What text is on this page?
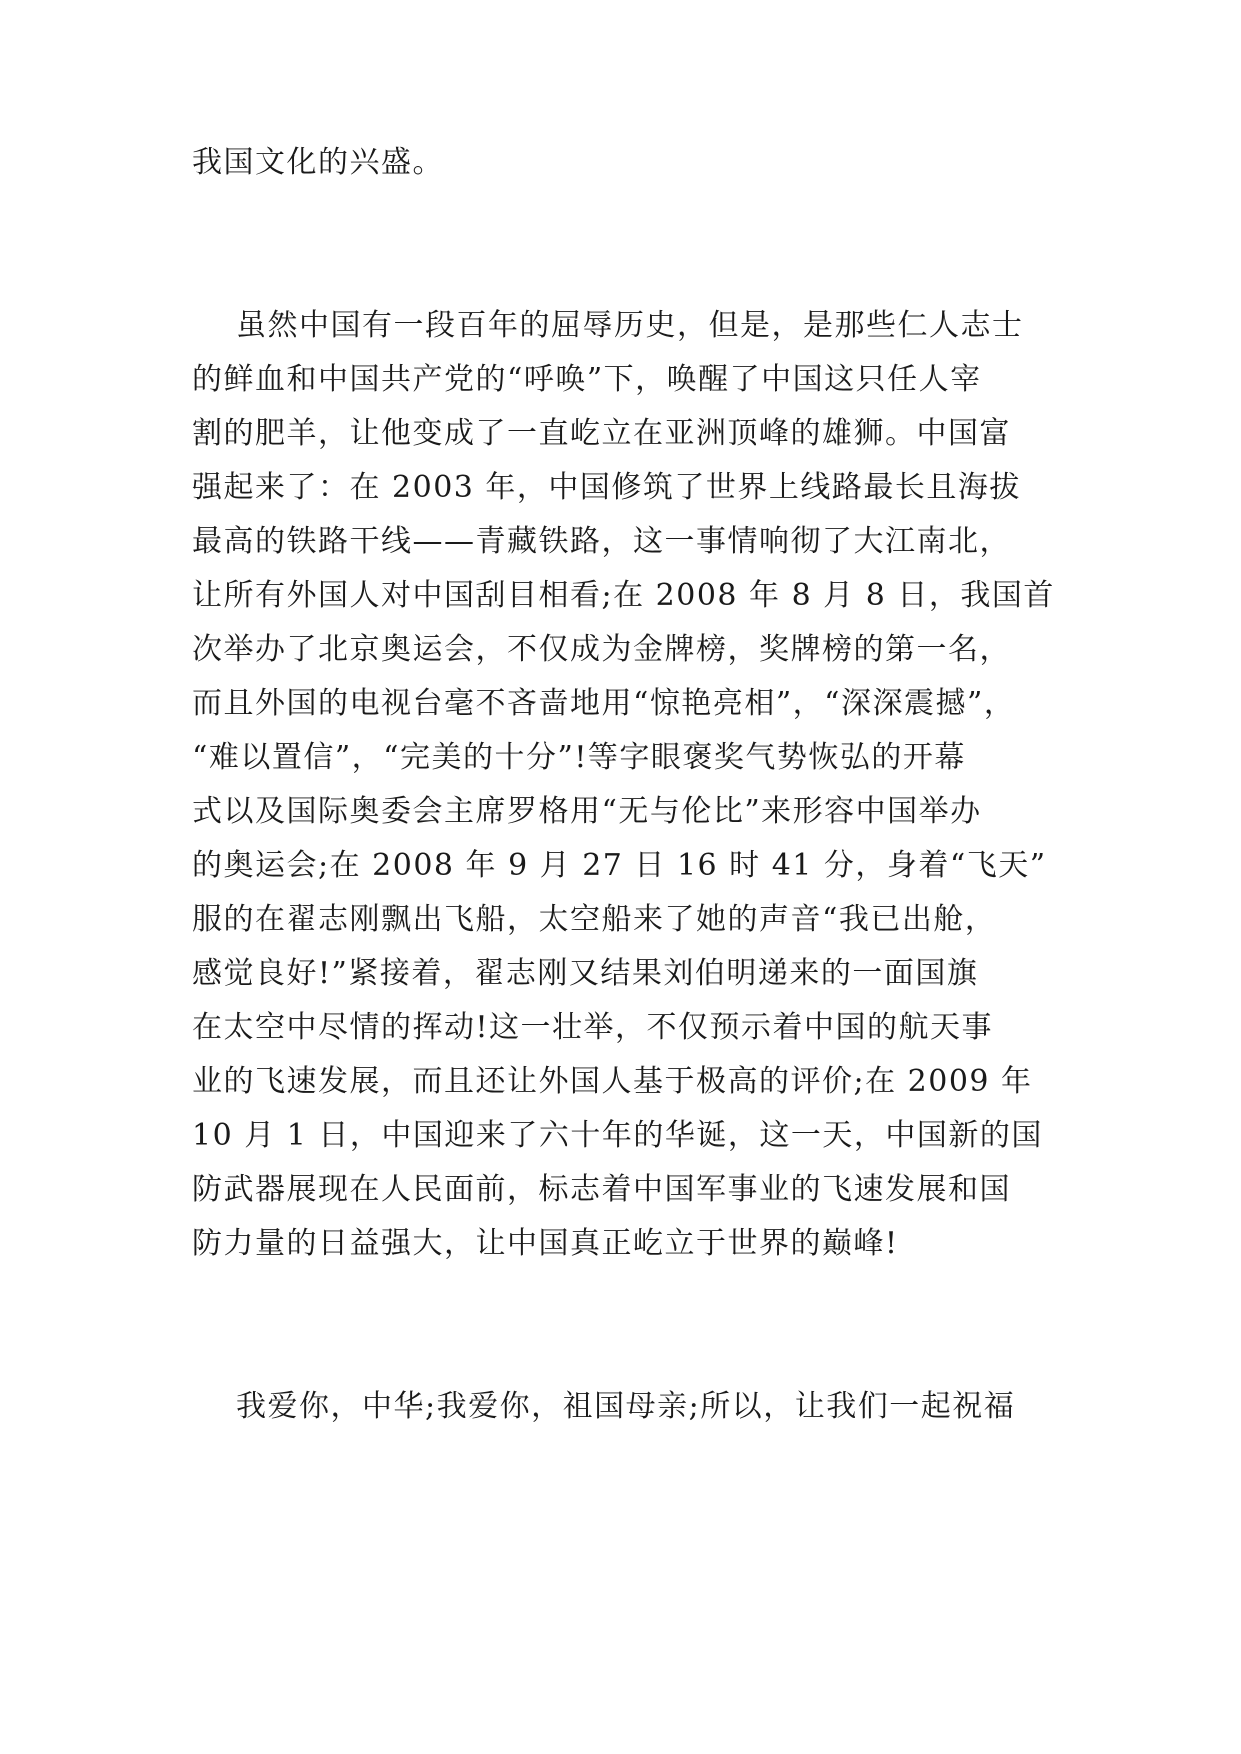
我国文化的兴盛。
虽然中国有一段百年的屈辱历史，但是，是那些仁人志士
的鲜血和中国共产党的“呼唤”下，唤醒了中国这只任人宰
割的肥羊，让他变成了一直屹立在亚洲顶峰的雄狮。中国富
强起来了：在 2003 年，中国修筑了世界上线路最长且海拔
最高的铁路干线——青藏铁路，这一事情响彻了大江南北，
让所有外国人对中国刮目相看;在 2008 年 8 月 8 日，我国首
次举办了北京奥运会，不仅成为金牌榜，奖牌榜的第一名，
而且外国的电视台毫不吝啬地用“惊艳亮相”，“深深震撼”，
“难以置信”，“完美的十分”!等字眼褒奖气势恢弘的开幕
式以及国际奥委会主席罗格用“无与伦比”来形容中国举办
的奥运会;在 2008 年 9 月 27 日 16 时 41 分，身着“飞天”
服的在翟志刚飘出飞船，太空船来了她的声音“我已出舱，
感觉良好!”紧接着，翟志刚又结果刘伯明递来的一面国旗
在太空中尽情的挥动!这一壮举，不仅预示着中国的航天事
业的飞速发展，而且还让外国人基于极高的评价;在 2009 年
10 月 1 日，中国迎来了六十年的华诞，这一天，中国新的国
防武器展现在人民面前，标志着中国军事业的飞速发展和国
防力量的日益强大，让中国真正屹立于世界的巅峰!
我爱你，中华;我爱你，祖国母亲;所以，让我们一起祝福
